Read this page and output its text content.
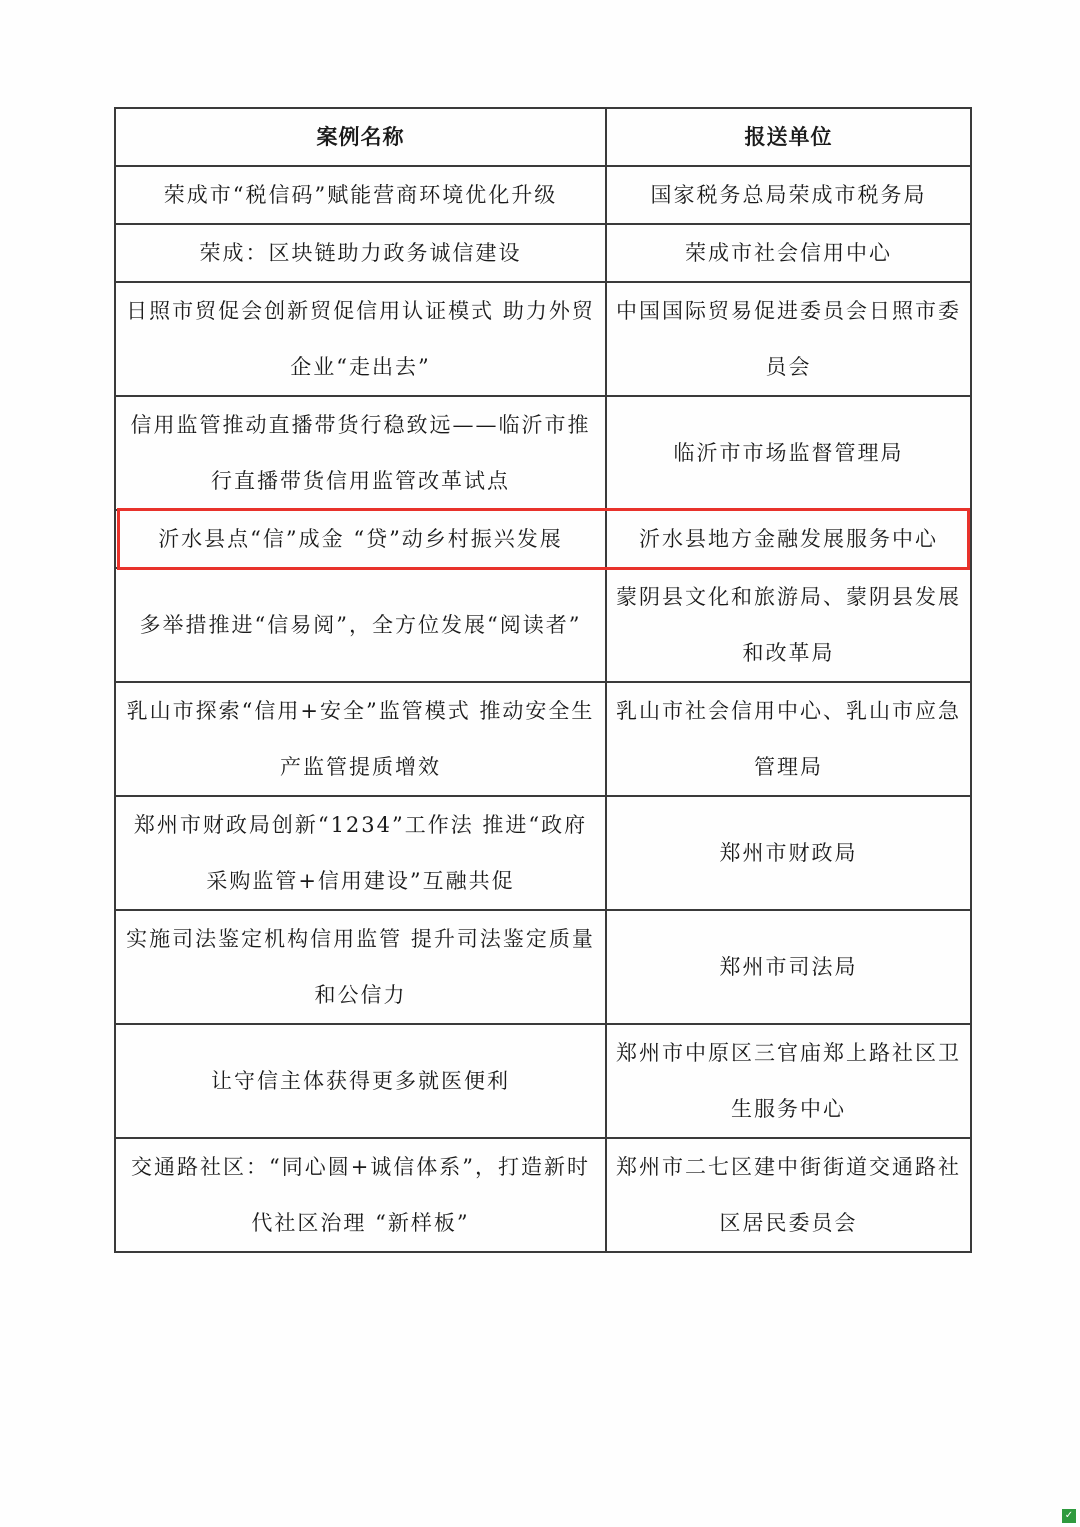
案例名称	报送单位
荣成市“税信码”赋能营商环境优化升级	国家税务总局荣成市税务局
荣成：区块链助力政务诚信建设	荣成市社会信用中心
日照市贸促会创新贸促信用认证模式 助力外贸企业“走出去”	中国国际贸易促进委员会日照市委员会
信用监管推动直播带货行稳致远——临沂市推行直播带货信用监管改革试点	临沂市市场监督管理局
沂水县点“信”成金 “贷”动乡村振兴发展	沂水县地方金融发展服务中心
多举措推进“信易阅”，全方位发展“阅读者”	蒙阴县文化和旅游局、蒙阴县发展和改革局
乳山市探索“信用+安全”监管模式 推动安全生产监管提质增效	乳山市社会信用中心、乳山市应急管理局
郑州市财政局创新“1234”工作法 推进“政府采购监管+信用建设”互融共促	郑州市财政局
实施司法鉴定机构信用监管 提升司法鉴定质量和公信力	郑州市司法局
让守信主体获得更多就医便利	郑州市中原区三官庙郑上路社区卫生服务中心
交通路社区：“同心圆+诚信体系”，打造新时代社区治理 “新样板”	郑州市二七区建中街街道交通路社区居民委员会
✓
